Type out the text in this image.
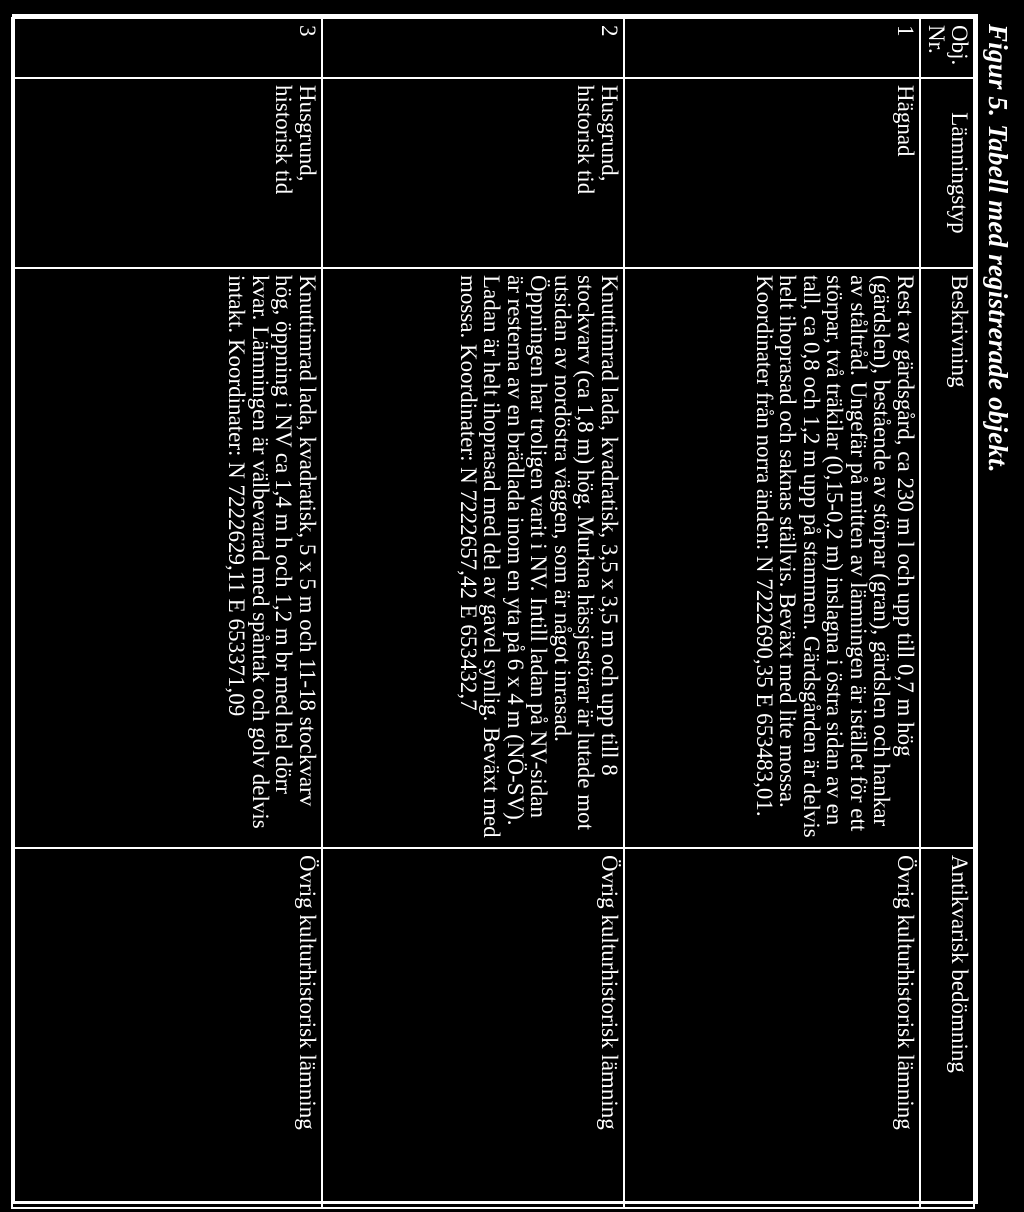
Figur 5. Tabell med registrerade objekt.
Obj. Nr.	Lämningstyp	Beskrivning	Antikvarisk bedömning
1	Hägnad	Rest av gärdsgård, ca 230 m l och upp till 0,7 m hög (gärdslen), bestående av störpar (gran), gärdslen och hankar av ståltråd. Ungefär på mitten av lämningen är istället för ett störpar, två träkilar (0,15-0,2 m) inslagna i östra sidan av en tall, ca 0,8 och 1,2 m upp på stammen. Gärdsgården är delvis helt ihoprasad och saknas ställvis. Beväxt med lite mossa. Koordinater från norra änden: N 7222690,35 E 653483,01.	Övrig kulturhistorisk lämning
2	Husgrund, historisk tid	Knuttimrad lada, kvadratisk, 3,5 x 3,5 m och upp till 8 stockvarv (ca 1,8 m) hög. Murkna hässjestörar är lutade mot utsidan av nordöstra väggen, som är något inrasad. Öppningen har troligen varit i NV. Intill ladan på NV-sidan är resterna av en brädlada inom en yta på 6 x 4 m (NÖ-SV). Ladan är helt ihoprasad med del av gavel synlig. Beväxt med mossa. Koordinater: N 7222657,42 E 653432,7	Övrig kulturhistorisk lämning
3	Husgrund, historisk tid	Knuttimrad lada, kvadratisk, 5 x 5 m och 11-18 stockvarv hög, öppning i NV ca 1,4 m h och 1,2 m br med hel dörr kvar. Lämningen är välbevarad med spåntak och golv delvis intakt. Koordinater: N 7222629,11 E 653371,09	Övrig kulturhistorisk lämning
